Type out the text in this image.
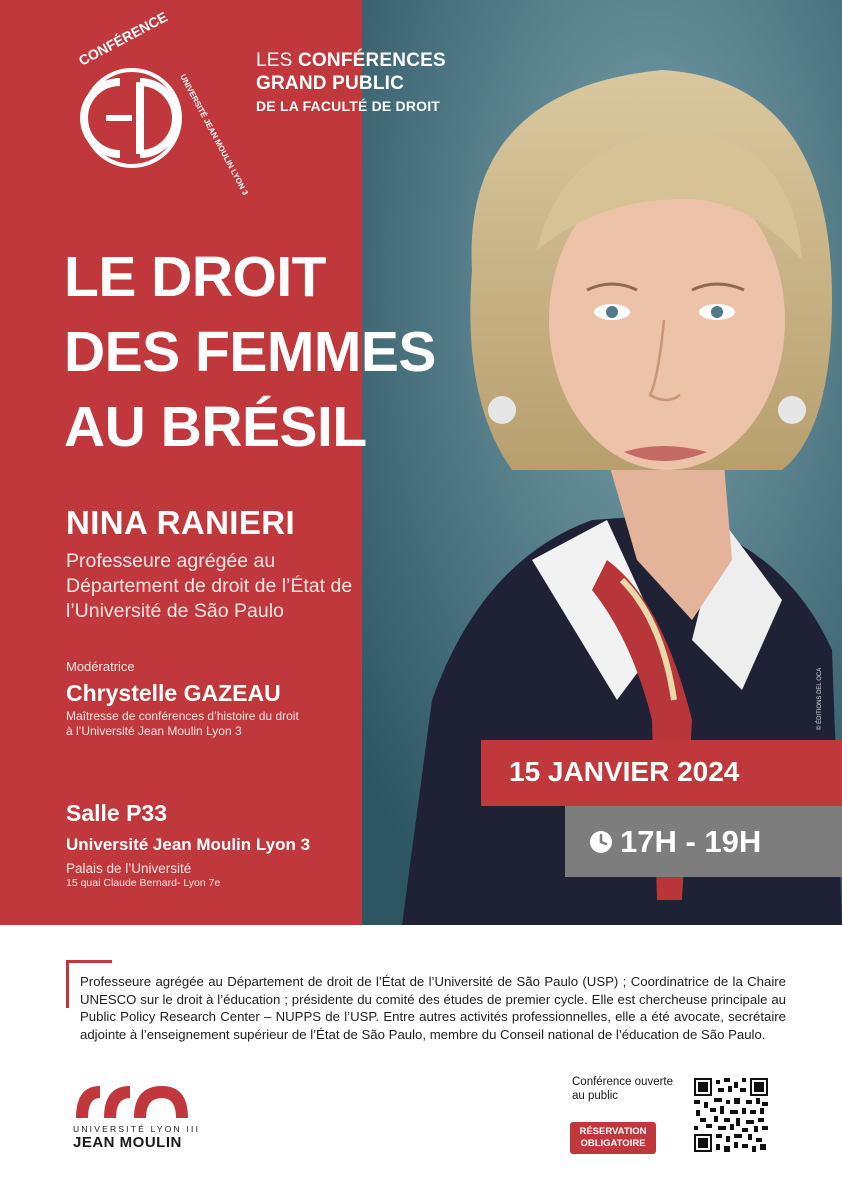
CONFÉRENCE
UNIVERSITÉ JEAN MOULIN LYON 3
LES CONFÉRENCES
GRAND PUBLIC
DE LA FACULTÉ DE DROIT
LE DROIT
DES FEMMES
AU BRÉSIL
NINA RANIERI
Professeure agrégée au
Département de droit de l’État de
l’Université de São Paulo
Modératrice
Chrystelle GAZEAU
Maîtresse de conférences d’histoire du droit
à l’Université Jean Moulin Lyon 3
Salle P33
Université Jean Moulin Lyon 3
Palais de l’Université
15 quai Claude Bernard- Lyon 7e
15 JANVIER 2024
17H - 19H
© ÉDITIONS DEL OCA

Professeure agrégée au Département de droit de l’État de l’Université de São Paulo (USP) ; Coordinatrice de la Chaire UNESCO sur le droit à l’éducation ; présidente du comité des études de premier cycle. Elle est chercheuse principale au Public Policy Research Center – NUPPS de l’USP. Entre autres activités professionnelles, elle a été avocate, secrétaire adjointe à l’enseignement supérieur de l’État de São Paulo, membre du Conseil national de l’éducation de São Paulo.

UNIVERSITÉ LYON III
JEAN MOULIN
Conférence ouverte
au public
RÉSERVATION
OBLIGATOIRE
